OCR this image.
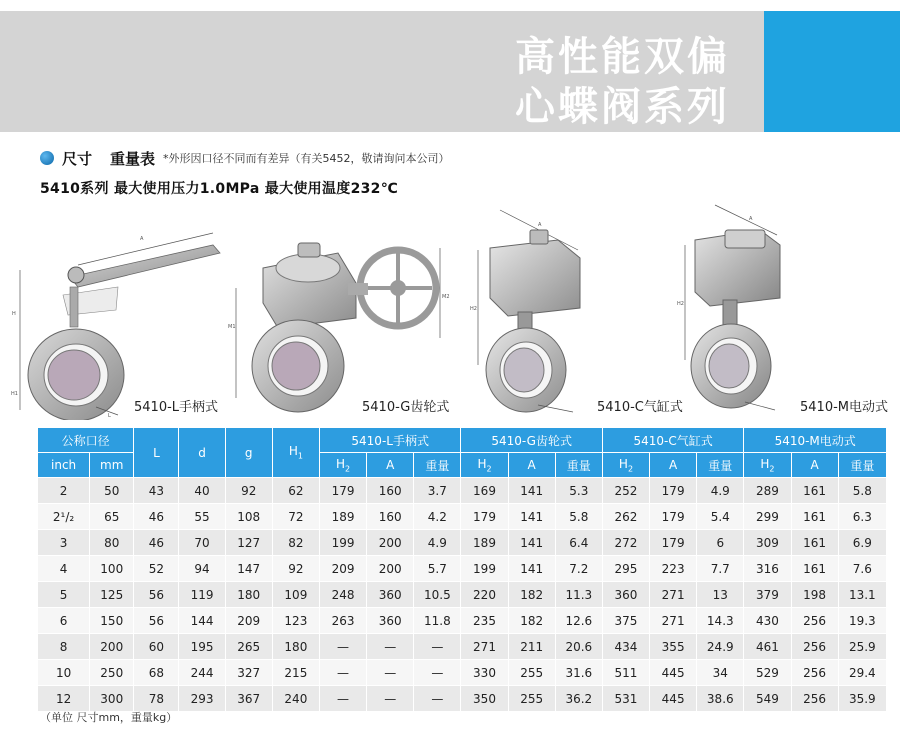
高性能双偏
心蝶阀系列
尺寸 重量表 *外形因口径不同而有差异（有关5452，敬请询问本公司）
5410系列 最大使用压力1.0MPa 最大使用温度232℃
A
H
H1
L
5410-L手柄式
M2
M1
5410-G齿轮式
H2
A
5410-C气缸式
H2
A
5410-M电动式
公称口径		L	d	g	$H_1$	5410-L手柄式			5410-G齿轮式			5410-C气缸式			5410-M电动式		
inch	mm					$H_2$	A	重量	$H_2$	A	重量	$H_2$	A	重量	$H_2$	A	重量
2	50	43	40	92	62	179	160	3.7	169	141	5.3	252	179	4.9	289	161	5.8
2¹/₂	65	46	55	108	72	189	160	4.2	179	141	5.8	262	179	5.4	299	161	6.3
3	80	46	70	127	82	199	200	4.9	189	141	6.4	272	179	6	309	161	6.9
4	100	52	94	147	92	209	200	5.7	199	141	7.2	295	223	7.7	316	161	7.6
5	125	56	119	180	109	248	360	10.5	220	182	11.3	360	271	13	379	198	13.1
6	150	56	144	209	123	263	360	11.8	235	182	12.6	375	271	14.3	430	256	19.3
8	200	60	195	265	180	—	—	—	271	211	20.6	434	355	24.9	461	256	25.9
10	250	68	244	327	215	—	—	—	330	255	31.6	511	445	34	529	256	29.4
12	300	78	293	367	240	—	—	—	350	255	36.2	531	445	38.6	549	256	35.9
（单位 尺寸mm，重量kg）
